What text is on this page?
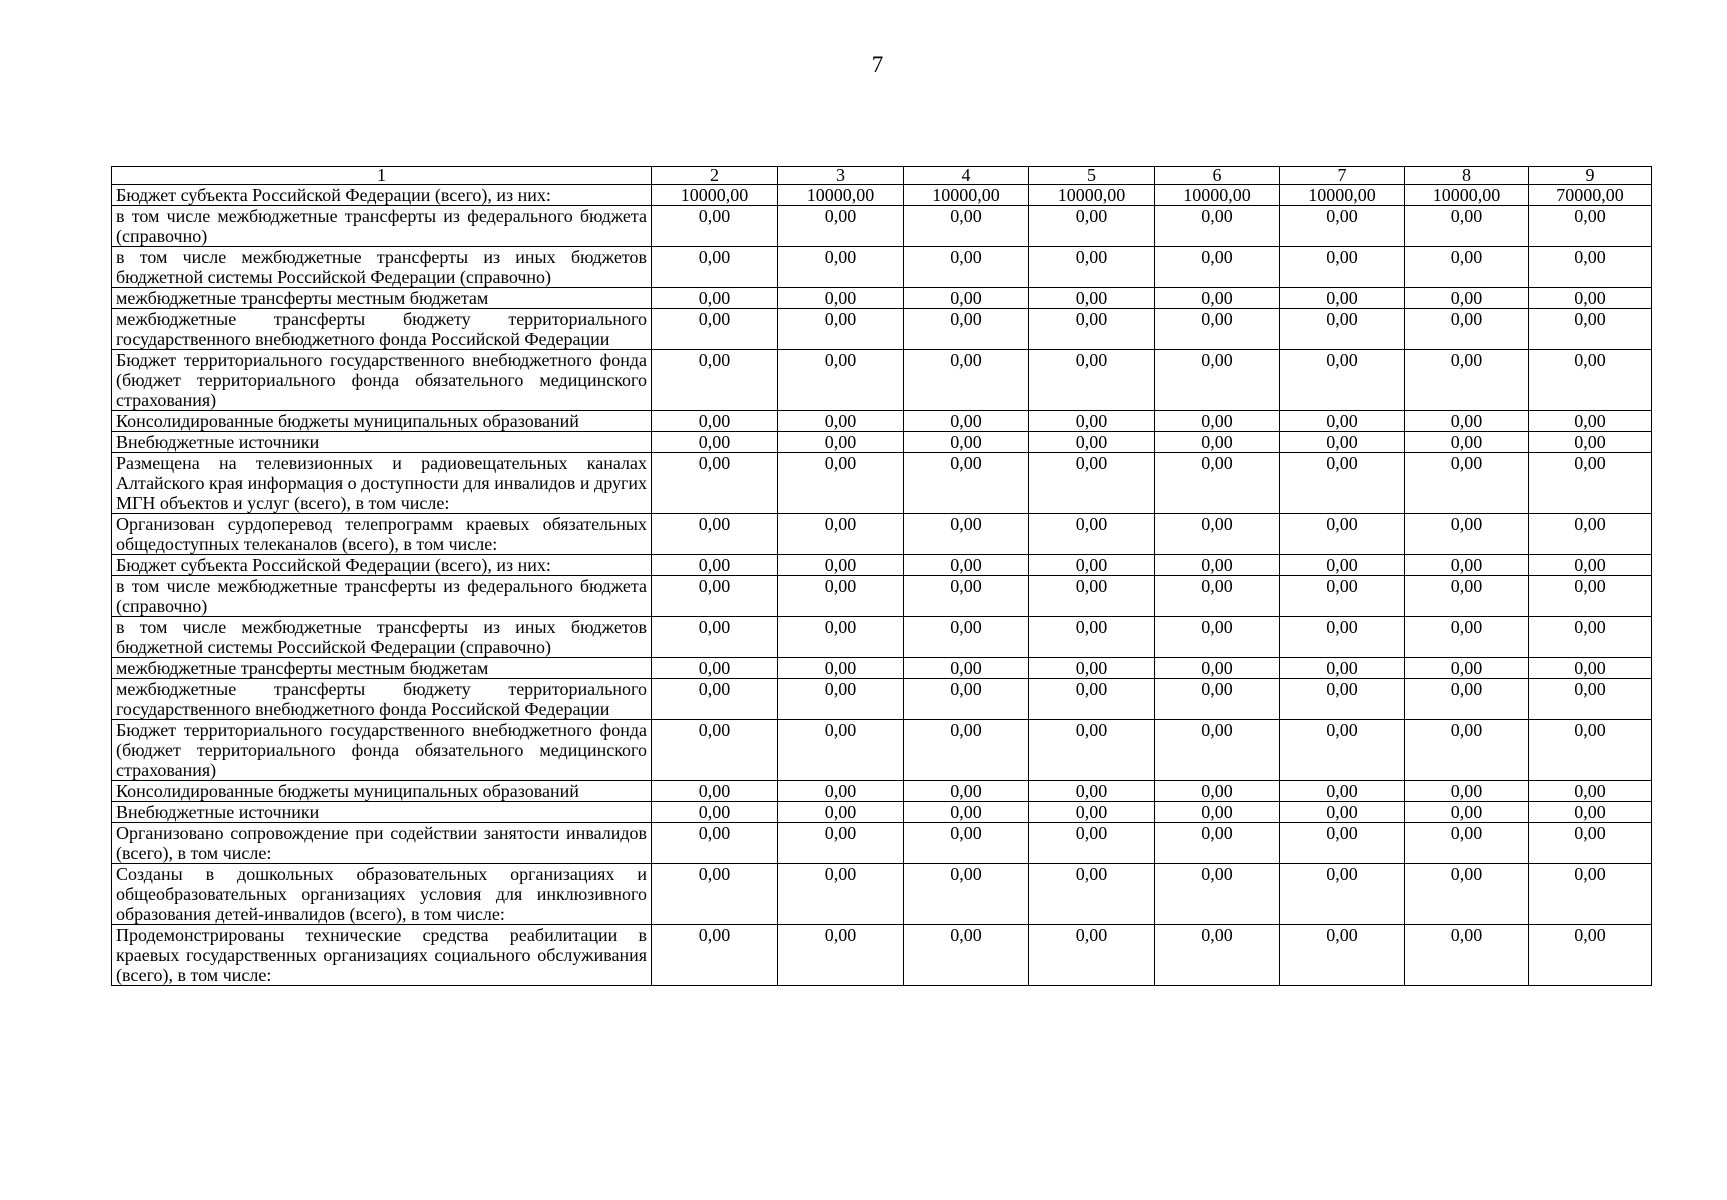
7
1	2	3	4	5	6	7	8	9
Бюджет субъекта Российской Федерации (всего), из них:	10000,00	10000,00	10000,00	10000,00	10000,00	10000,00	10000,00	70000,00
в том числе межбюджетные трансферты из федерального бюджета (справочно)	0,00	0,00	0,00	0,00	0,00	0,00	0,00	0,00
в том числе межбюджетные трансферты из иных бюджетов бюджетной системы Российской Федерации (справочно)	0,00	0,00	0,00	0,00	0,00	0,00	0,00	0,00
межбюджетные трансферты местным бюджетам	0,00	0,00	0,00	0,00	0,00	0,00	0,00	0,00
межбюджетные трансферты бюджету территориального государственного внебюджетного фонда Российской Федерации	0,00	0,00	0,00	0,00	0,00	0,00	0,00	0,00
Бюджет территориального государственного внебюджетного фонда (бюджет территориального фонда обязательного медицинского страхования)	0,00	0,00	0,00	0,00	0,00	0,00	0,00	0,00
Консолидированные бюджеты муниципальных образований	0,00	0,00	0,00	0,00	0,00	0,00	0,00	0,00
Внебюджетные источники	0,00	0,00	0,00	0,00	0,00	0,00	0,00	0,00
Размещена на телевизионных и радиовещательных каналах Алтайского края информация о доступности для инвалидов и других МГН объектов и услуг (всего), в том числе:	0,00	0,00	0,00	0,00	0,00	0,00	0,00	0,00
Организован сурдоперевод телепрограмм краевых обязательных общедоступных телеканалов (всего), в том числе:	0,00	0,00	0,00	0,00	0,00	0,00	0,00	0,00
Бюджет субъекта Российской Федерации (всего), из них:	0,00	0,00	0,00	0,00	0,00	0,00	0,00	0,00
в том числе межбюджетные трансферты из федерального бюджета (справочно)	0,00	0,00	0,00	0,00	0,00	0,00	0,00	0,00
в том числе межбюджетные трансферты из иных бюджетов бюджетной системы Российской Федерации (справочно)	0,00	0,00	0,00	0,00	0,00	0,00	0,00	0,00
межбюджетные трансферты местным бюджетам	0,00	0,00	0,00	0,00	0,00	0,00	0,00	0,00
межбюджетные трансферты бюджету территориального государственного внебюджетного фонда Российской Федерации	0,00	0,00	0,00	0,00	0,00	0,00	0,00	0,00
Бюджет территориального государственного внебюджетного фонда (бюджет территориального фонда обязательного медицинского страхования)	0,00	0,00	0,00	0,00	0,00	0,00	0,00	0,00
Консолидированные бюджеты муниципальных образований	0,00	0,00	0,00	0,00	0,00	0,00	0,00	0,00
Внебюджетные источники	0,00	0,00	0,00	0,00	0,00	0,00	0,00	0,00
Организовано сопровождение при содействии занятости инвалидов (всего), в том числе:	0,00	0,00	0,00	0,00	0,00	0,00	0,00	0,00
Созданы в дошкольных образовательных организациях и общеобразовательных организациях условия для инклюзивного образования детей-инвалидов (всего), в том числе:	0,00	0,00	0,00	0,00	0,00	0,00	0,00	0,00
Продемонстрированы технические средства реабилитации в краевых государственных организациях социального обслуживания (всего), в том числе:	0,00	0,00	0,00	0,00	0,00	0,00	0,00	0,00
